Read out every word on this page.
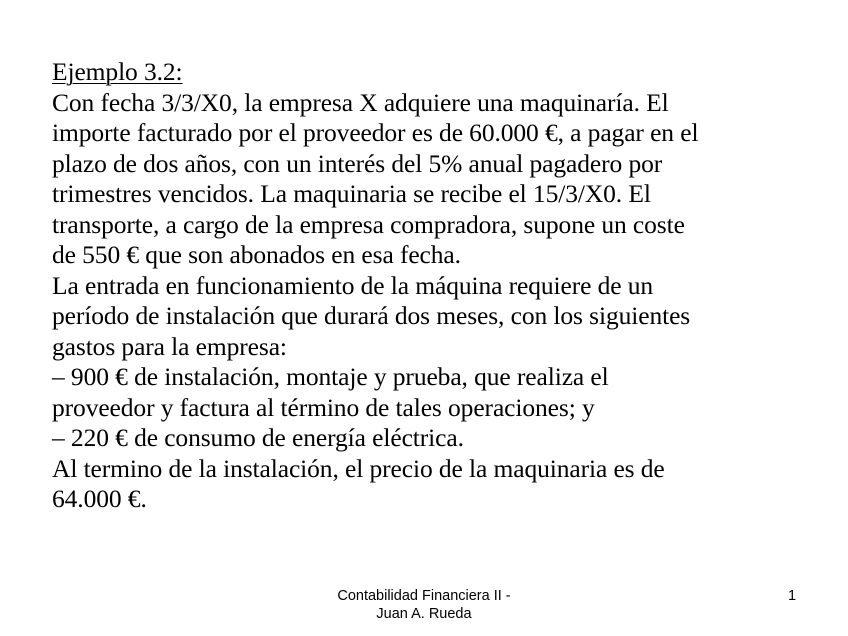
Ejemplo 3.2:
Con fecha 3/3/X0, la empresa X adquiere una maquinaría. El
importe facturado por el proveedor es de 60.000 €, a pagar en el
plazo de dos años, con un interés del 5% anual pagadero por
trimestres vencidos. La maquinaria se recibe el 15/3/X0. El
transporte, a cargo de la empresa compradora, supone un coste
de 550 € que son abonados en esa fecha.
La entrada en funcionamiento de la máquina requiere de un
período de instalación que durará dos meses, con los siguientes
gastos para la empresa:
– 900 € de instalación, montaje y prueba, que realiza el
proveedor y factura al término de tales operaciones; y
– 220 € de consumo de energía eléctrica.
Al termino de la instalación, el precio de la maquinaria es de
64.000 €.
Contabilidad Financiera II -
Juan A. Rueda
1
